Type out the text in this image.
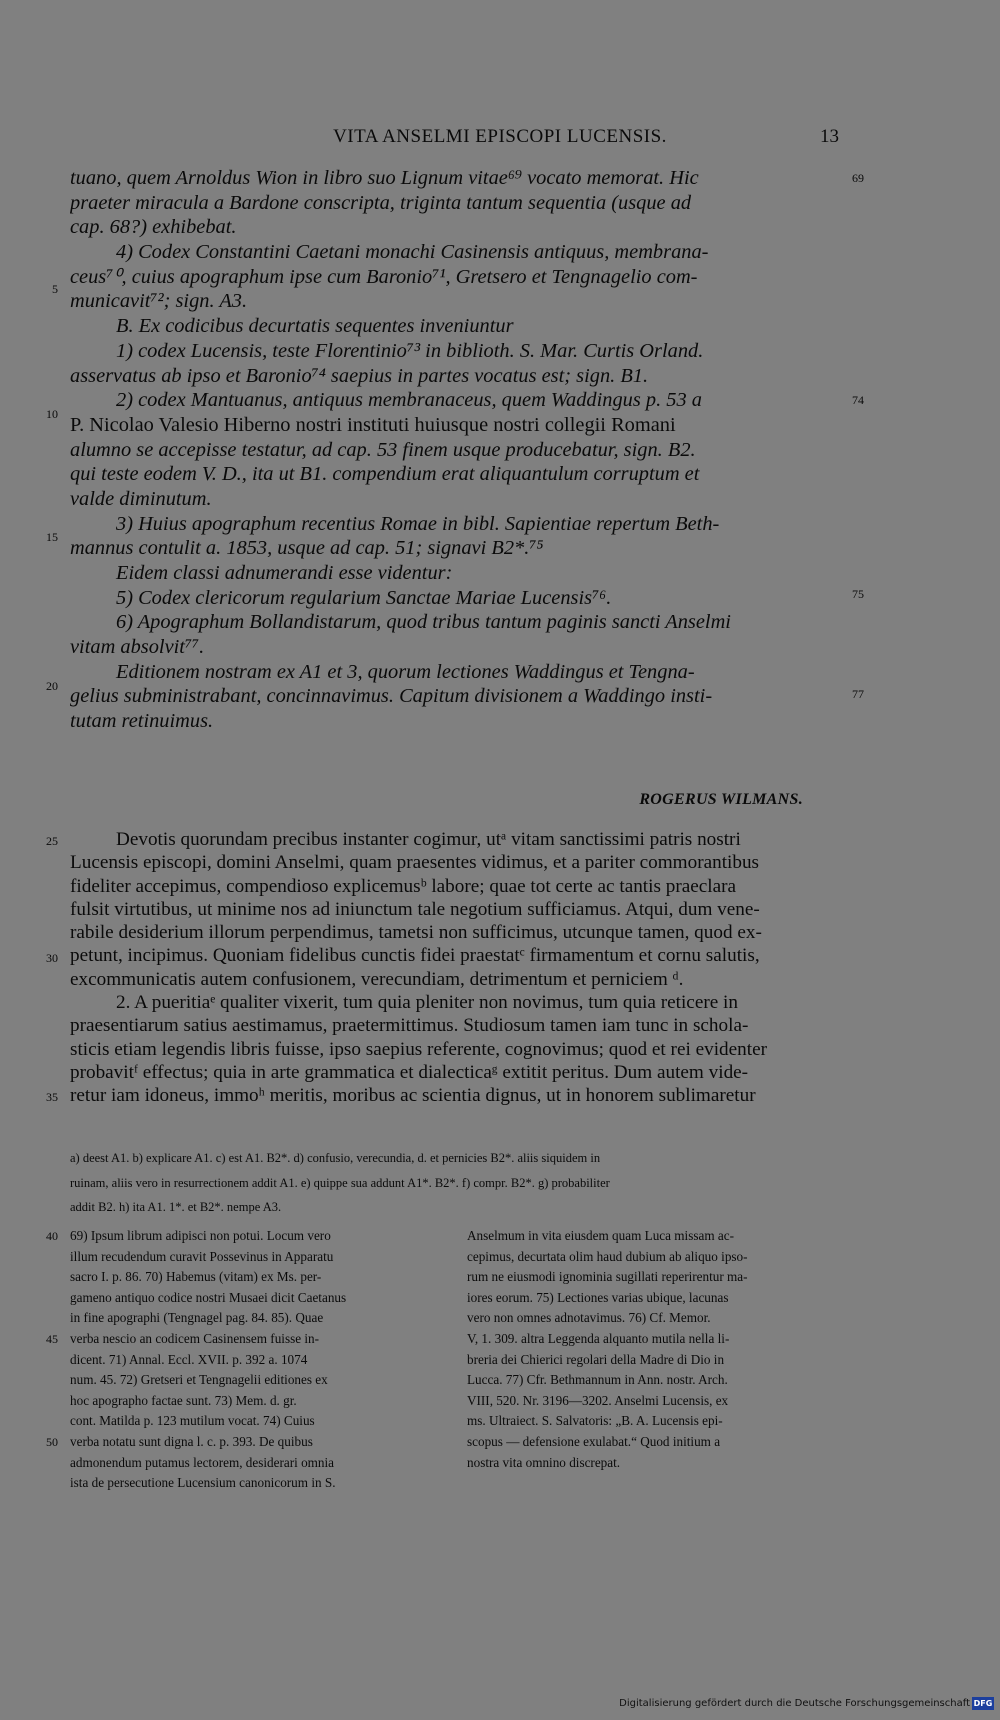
VITA ANSELMI EPISCOPI LUCENSIS.	13
tuano, quem Arnoldus Wion in libro suo Lignum vitae⁶⁹ vocato memorat. Hic
praeter miracula a Bardone conscripta, triginta tantum sequentia (usque ad
cap. 68?) exhibebat.
4) Codex Constantini Caetani monachi Casinensis antiquus, membrana-
ceus⁷⁰, cuius apographum ipse cum Baronio⁷¹, Gretsero et Tengnagelio com-
municavit⁷²; sign. A3.
B. Ex codicibus decurtatis sequentes inveniuntur
1) codex Lucensis, teste Florentinio⁷³ in biblioth. S. Mar. Curtis Orland.
asservatus ab ipso et Baronio⁷⁴ saepius in partes vocatus est; sign. B1.
2) codex Mantuanus, antiquus membranaceus, quem Waddingus p. 53 a
P. Nicolao Valesio Hiberno nostri instituti huiusque nostri collegii Romani
alumno se accepisse testatur, ad cap. 53 finem usque producebatur, sign. B2.
qui teste eodem V. D., ita ut B1. compendium erat aliquantulum corruptum et
valde diminutum.
3) Huius apographum recentius Romae in bibl. Sapientiae repertum Beth-
mannus contulit a. 1853, usque ad cap. 51; signavi B2*.⁷⁵
Eidem classi adnumerandi esse videntur:
5) Codex clericorum regularium Sanctae Mariae Lucensis⁷⁶.
6) Apographum Bollandistarum, quod tribus tantum paginis sancti Anselmi
vitam absolvit⁷⁷.
Editionem nostram ex A1 et 3, quorum lectiones Waddingus et Tengna-
gelius subministrabant, concinnavimus. Capitum divisionem a Waddingo insti-
tutam retinuimus.
ROGERUS WILMANS.
Devotis quorundam precibus instanter cogimur, utᵃ vitam sanctissimi patris nostri
Lucensis episcopi, domini Anselmi, quam praesentes vidimus, et a pariter commorantibus
fideliter accepimus, compendioso explicemusᵇ labore; quae tot certe ac tantis praeclara
fulsit virtutibus, ut minime nos ad iniunctum tale negotium sufficiamus. Atqui, dum vene-
rabile desiderium illorum perpendimus, tametsi non sufficimus, utcunque tamen, quod ex-
petunt, incipimus. Quoniam fidelibus cunctis fidei praestatᶜ firmamentum et cornu salutis,
excommunicatis autem confusionem, verecundiam, detrimentum et perniciem ᵈ.
2. A pueritiaᵉ qualiter vixerit, tum quia pleniter non novimus, tum quia reticere in
praesentiarum satius aestimamus, praetermittimus. Studiosum tamen iam tunc in schola-
sticis etiam legendis libris fuisse, ipso saepius referente, cognovimus; quod et rei evidenter
probavitᶠ effectus; quia in arte grammatica et dialecticaᵍ extitit peritus. Dum autem vide-
retur iam idoneus, immoʰ meritis, moribus ac scientia dignus, ut in honorem sublimaretur
a) deest A1. b) explicare A1. c) est A1. B2*. d) confusio, verecundia, d. et pernicies B2*. aliis siquidem in
ruinam, aliis vero in resurrectionem addit A1. e) quippe sua addunt A1*. B2*. f) compr. B2*. g) probabiliter
addit B2. h) ita A1. 1*. et B2*. nempe A3.
69) Ipsum librum adipisci non potui. Locum vero
illum recudendum curavit Possevinus in Apparatu
sacro I. p. 86. 70) Habemus (vitam) ex Ms. per-
gameno antiquo codice nostri Musaei dicit Caetanus
in fine apographi (Tengnagel pag. 84. 85). Quae
verba nescio an codicem Casinensem fuisse in-
dicent. 71) Annal. Eccl. XVII. p. 392 a. 1074
num. 45. 72) Gretseri et Tengnagelii editiones ex
hoc apographo factae sunt. 73) Mem. d. gr.
cont. Matilda p. 123 mutilum vocat. 74) Cuius
verba notatu sunt digna l. c. p. 393. De quibus
admonendum putamus lectorem, desiderari omnia
ista de persecutione Lucensium canonicorum in S.
Anselmum in vita eiusdem quam Luca missam ac-
cepimus, decurtata olim haud dubium ab aliquo ipso-
rum ne eiusmodi ignominia sugillati reperirentur ma-
iores eorum. 75) Lectiones varias ubique, lacunas
vero non omnes adnotavimus. 76) Cf. Memor.
V, 1. 309. altra Leggenda alquanto mutila nella li-
breria dei Chierici regolari della Madre di Dio in
Lucca. 77) Cfr. Bethmannum in Ann. nostr. Arch.
VIII, 520. Nr. 3196—3202. Anselmi Lucensis, ex
ms. Ultraiect. S. Salvatoris: „B. A. Lucensis epi-
scopus — defensione exulabat.“ Quod initium a
nostra vita omnino discrepat.
5
10
15
20
25
30
35
40
45
50
69
74
75
77
Digitalisierung gefördert durch die Deutsche Forschungsgemeinschaft DFG
